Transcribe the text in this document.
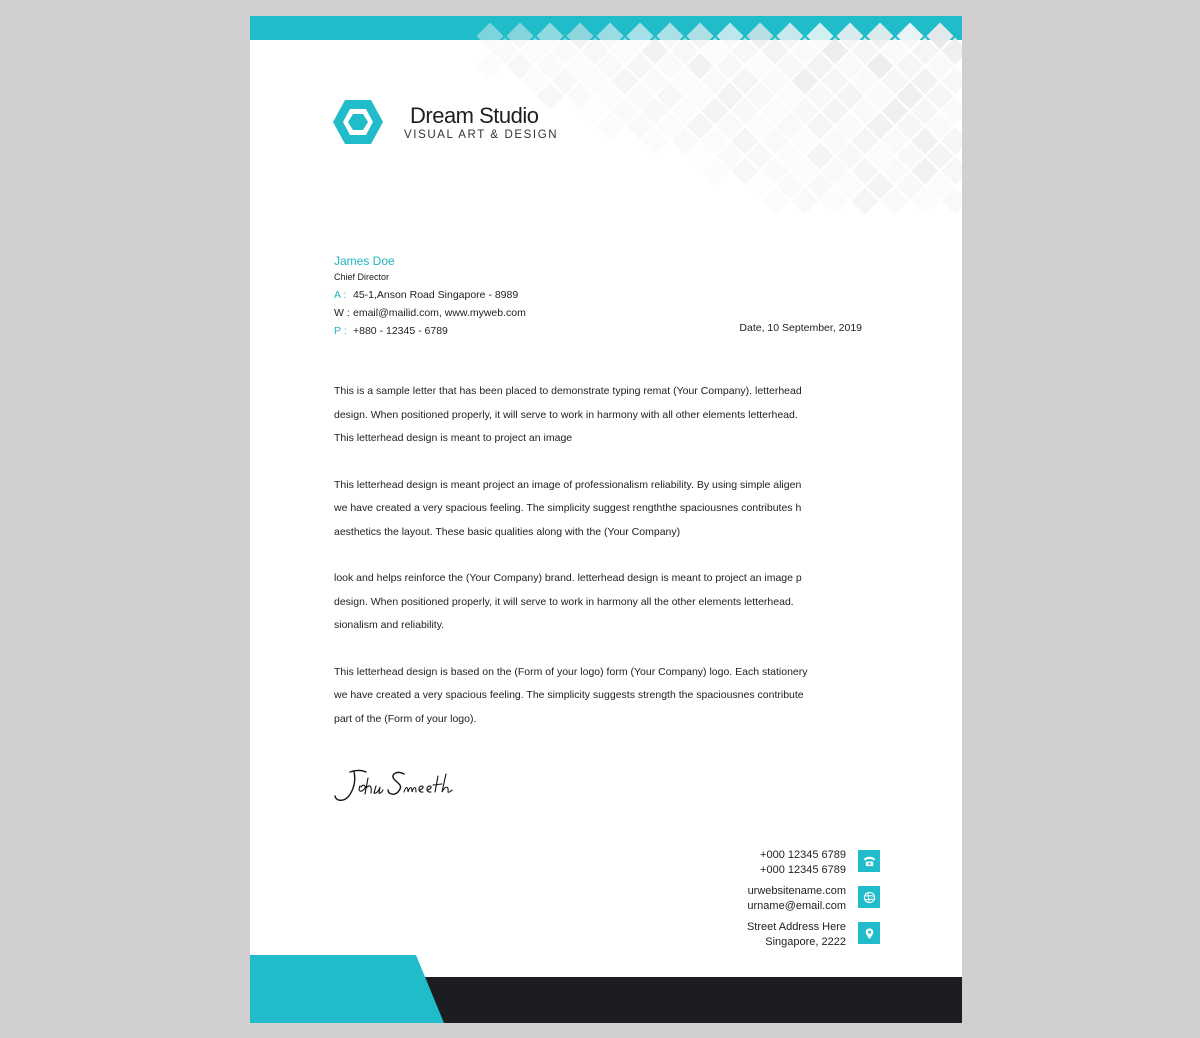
Dream Studio
VISUAL ART & DESIGN
James Doe
Chief Director
A : 45-1,Anson Road Singapore - 8989
W : email@mailid.com, www.myweb.com
P : +880 - 12345 - 6789	Date, 10 September, 2019
This is a sample letter that has been placed to demonstrate typing remat (Your Company). letterhead
design. When positioned properly, it will serve to work in harmony with all other elements letterhead.
This letterhead design is meant to project an image
This letterhead design is meant project an image of professionalism reliability. By using simple aligen
we have created a very spacious feeling. The simplicity suggest rengththe spaciousnes contributes h
aesthetics the layout. These basic qualities along with the (Your Company)
look and helps reinforce the (Your Company) brand. letterhead design is meant to project an image p
design. When positioned properly, it will serve to work in harmony all the other elements letterhead.
sionalism and reliability.
This letterhead design is based on the (Form of your logo) form (Your Company) logo. Each stationery
we have created a very spacious feeling. The simplicity suggests strength the spaciousnes contribute
part of the (Form of your logo).
+000 12345 6789
+000 12345 6789
urwebsitename.com
urname@email.com
Street Address Here
Singapore, 2222
